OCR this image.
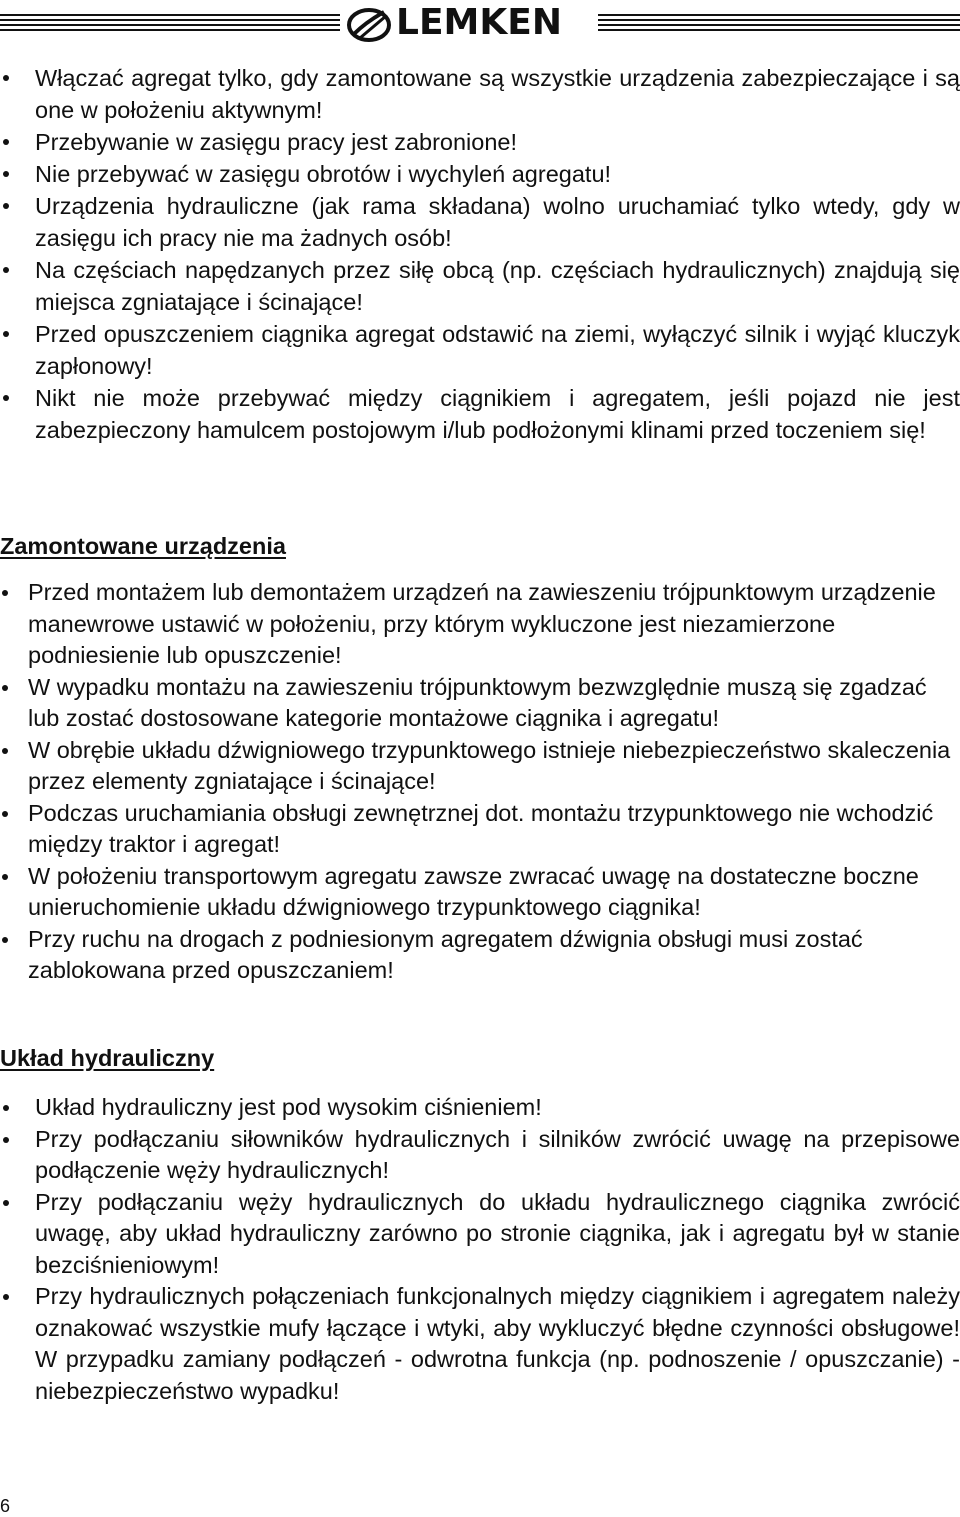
LEMKEN
Włączać agregat tylko, gdy zamontowane są wszystkie urządzenia zabezpieczające i są one w położeniu aktywnym!
Przebywanie w zasięgu pracy jest zabronione!
Nie przebywać w zasięgu obrotów i wychyleń agregatu!
Urządzenia hydrauliczne (jak rama składana) wolno uruchamiać tylko wtedy, gdy w zasięgu ich pracy nie ma żadnych osób!
Na częściach napędzanych przez siłę obcą (np. częściach hydraulicznych) znajdują się miejsca zgniatające i ścinające!
Przed opuszczeniem ciągnika agregat odstawić na ziemi, wyłączyć silnik i wyjąć kluczyk zapłonowy!
Nikt nie może przebywać między ciągnikiem i agregatem, jeśli pojazd nie jest zabezpieczony hamulcem postojowym i/lub podłożonymi klinami przed toczeniem się!
Zamontowane urządzenia
Przed montażem lub demontażem urządzeń na zawieszeniu trójpunktowym urządzenie manewrowe ustawić w położeniu, przy którym wykluczone jest niezamierzone podniesienie lub opuszczenie!
W wypadku montażu na zawieszeniu trójpunktowym bezwzględnie muszą się zgadzać lub zostać dostosowane kategorie montażowe ciągnika i agregatu!
W obrębie układu dźwigniowego trzypunktowego istnieje niebezpieczeństwo skaleczenia przez elementy zgniatające i ścinające!
Podczas uruchamiania obsługi zewnętrznej dot. montażu trzypunktowego nie wchodzić między traktor i agregat!
W położeniu transportowym agregatu zawsze zwracać uwagę na dostateczne boczne unieruchomienie układu dźwigniowego trzypunktowego ciągnika!
Przy ruchu na drogach z podniesionym agregatem dźwignia obsługi musi zostać zablokowana przed opuszczaniem!
Układ hydrauliczny
Układ hydrauliczny jest pod wysokim ciśnieniem!
Przy podłączaniu siłowników hydraulicznych i silników zwrócić uwagę na przepisowe podłączenie węży hydraulicznych!
Przy podłączaniu węży hydraulicznych do układu hydraulicznego ciągnika zwrócić uwagę, aby układ hydrauliczny zarówno po stronie ciągnika, jak i agregatu był w stanie bezciśnieniowym!
Przy hydraulicznych połączeniach funkcjonalnych między ciągnikiem i agregatem należy oznakować wszystkie mufy łączące i wtyki, aby wykluczyć błędne czynności obsługowe! W przypadku zamiany podłączeń - odwrotna funkcja (np. podnoszenie / opuszczanie) - niebezpieczeństwo wypadku!
6
